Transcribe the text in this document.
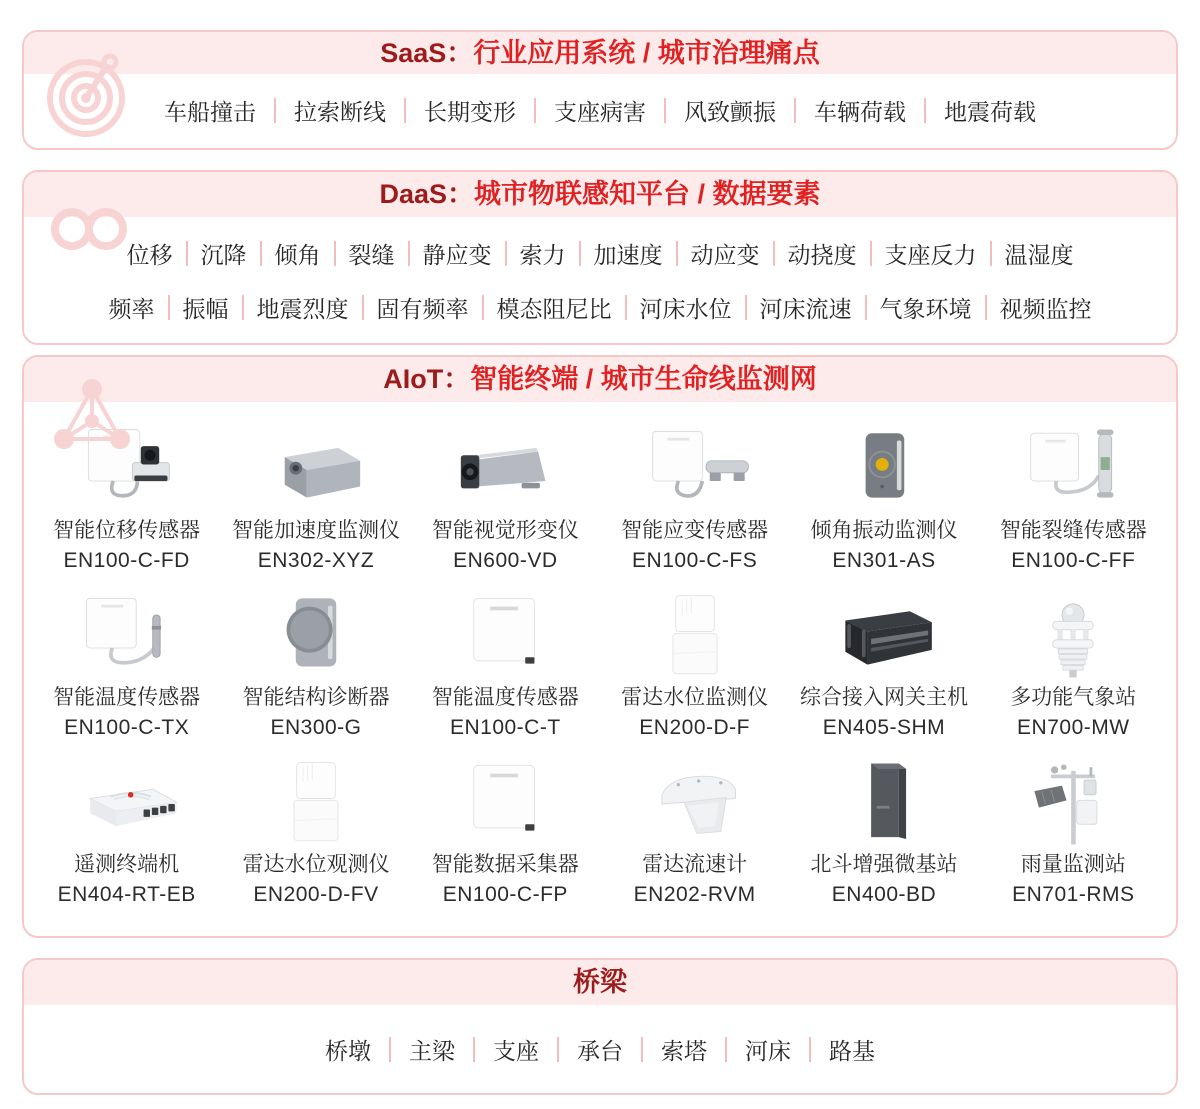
SaaS： 行业应用系统 / 城市治理痛点
车船撞击 拉索断线 长期变形 支座病害 风致颤振 车辆荷载 地震荷载
DaaS： 城市物联感知平台 / 数据要素
位移 沉降 倾角 裂缝 静应变 索力 加速度 动应变 动挠度 支座反力 温湿度
频率 振幅 地震烈度 固有频率 模态阻尼比 河床水位 河床流速 气象环境 视频监控
AIoT： 智能终端 / 城市生命线监测网
智能位移传感器
EN100-C-FD
智能加速度监测仪
EN302-XYZ
智能视觉形变仪
EN600-VD
智能应变传感器
EN100-C-FS
倾角振动监测仪
EN301-AS
智能裂缝传感器
EN100-C-FF
智能温度传感器
EN100-C-TX
智能结构诊断器
EN300-G
智能温度传感器
EN100-C-T
雷达水位监测仪
EN200-D-F
综合接入网关主机
EN405-SHM
多功能气象站
EN700-MW
遥测终端机
EN404-RT-EB
雷达水位观测仪
EN200-D-FV
智能数据采集器
EN100-C-FP
雷达流速计
EN202-RVM
北斗增强微基站
EN400-BD
雨量监测站
EN701-RMS
桥梁
桥墩 主梁 支座 承台 索塔 河床 路基
